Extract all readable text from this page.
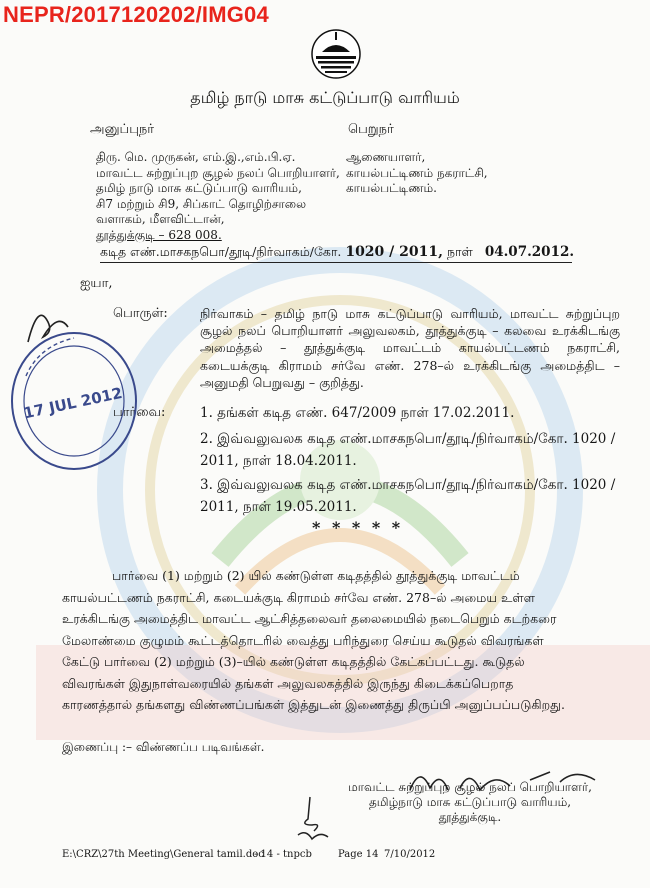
NEPR/2017120202/IMG04
தமிழ் நாடு மாசு கட்டுப்பாடு வாரியம்
அனுப்புநர்
திரு. மெ. முருகன், எம்.இ.,எம்.பி.ஏ.
மாவட்ட சுற்றுப்புற சூழல் நலப் பொறியாளர்,
தமிழ் நாடு மாசு கட்டுப்பாடு வாரியம்,
சி7 மற்றும் சி9, சிப்காட் தொழிற்சாலை
வளாகம், மீளவிட்டான்,
தூத்துக்குடி – 628 008.
பெறுநர்
ஆணையாளர்,
காயல்பட்டிணம் நகராட்சி,
காயல்பட்டிணம்.
கடித எண்.மாசகநபொ/தூடி/நிர்வாகம்/கோ. 1020 / 2011, நாள் 04.07.2012.
ஐயா,
பொருள்:	நிர்வாகம் – தமிழ் நாடு மாசு கட்டுப்பாடு வாரியம், மாவட்ட சுற்றுப்புற சூழல் நலப் பொறியாளர் அலுவலகம், தூத்துக்குடி – கலவை உரக்கிடங்கு அமைத்தல் – தூத்துக்குடி மாவட்டம் காயல்பட்டணம் நகராட்சி, கடையக்குடி கிராமம் சர்வே எண். 278–ல் உரக்கிடங்கு அமைத்திட – அனுமதி பெறுவது – குறித்து.
பார்வை:	1. தங்கள் கடித எண். 647/2009 நாள் 17.02.2011.
2. இவ்வலுவலக கடித எண்.மாசகநபொ/தூடி/நிர்வாகம்/கோ. 1020 / 2011, நாள் 18.04.2011.
3. இவ்வலுவலக கடித எண்.மாசகநபொ/தூடி/நிர்வாகம்/கோ. 1020 / 2011, நாள் 19.05.2011.
* * * * *
பார்வை (1) மற்றும் (2) யில் கண்டுள்ள கடிதத்தில் தூத்துக்குடி மாவட்டம்
காயல்பட்டணம் நகராட்சி, கடையக்குடி கிராமம் சர்வே எண். 278–ல் அமைய உள்ள
உரக்கிடங்கு அமைத்திட மாவட்ட ஆட்சித்தலைவர் தலைமையில் நடைபெறும் கடற்கரை
மேலாண்மை குழுமம் கூட்டத்தொடரில் வைத்து பரிந்துரை செய்ய கூடுதல் விவரங்கள்
கேட்டு பார்வை (2) மற்றும் (3)–யில் கண்டுள்ள கடிதத்தில் கேட்கப்பட்டது. கூடுதல்
விவரங்கள் இதுநாள்வரையில் தங்கள் அலுவலகத்தில் இருந்து கிடைக்கப்பெறாத
காரணத்தால் தங்களது விண்ணப்பங்கள் இத்துடன் இணைத்து திருப்பி அனுப்பப்படுகிறது.
இணைப்பு :– விண்ணப்ப படிவங்கள்.
மாவட்ட சுற்றுப்புற சூழல் நலப் பொறியாளர்,
தமிழ்நாடு மாசு கட்டுப்பாடு வாரியம்,
தூத்துக்குடி.
17 JUL 2012
E:\CRZ\27th Meeting\General tamil.doc
- 14 - tnpcb	Page 14 7/10/2012
